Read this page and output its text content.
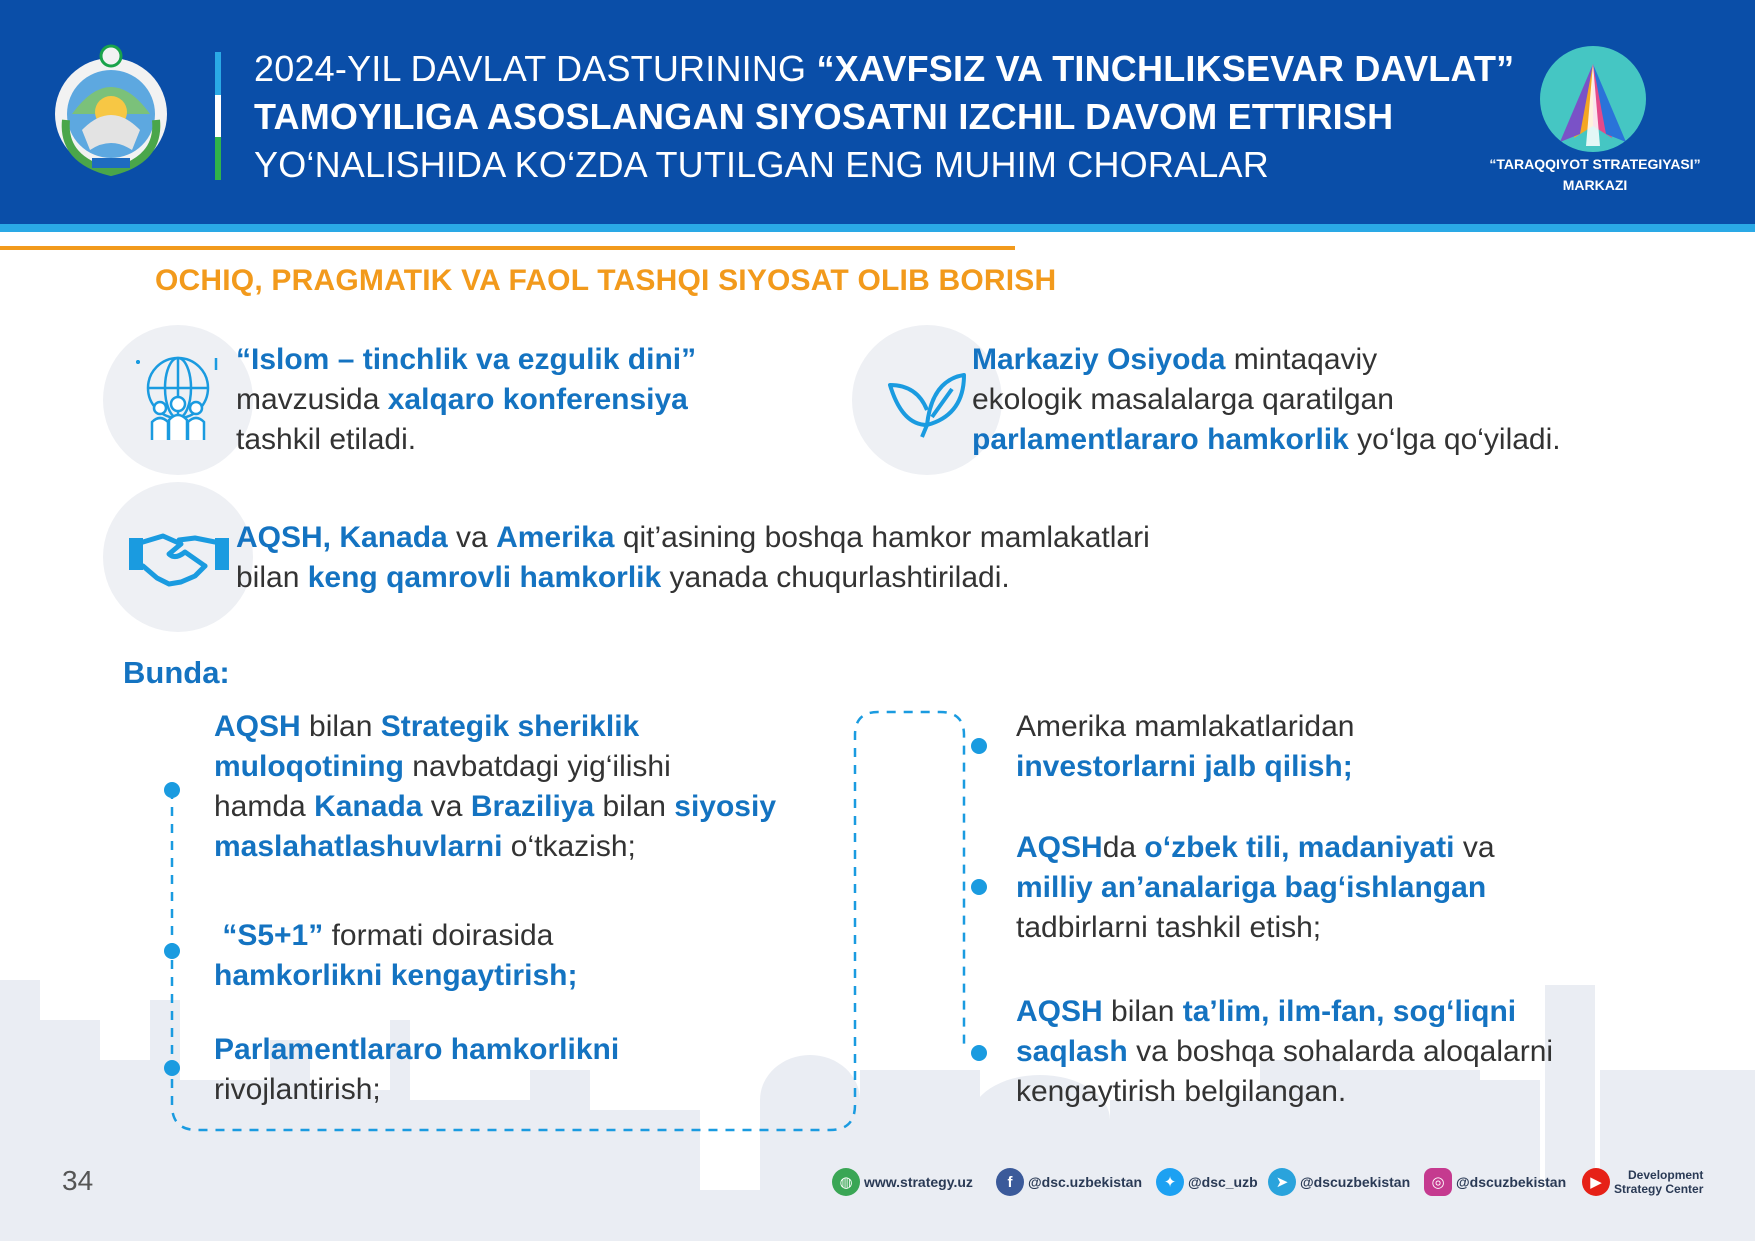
2024-YIL DAVLAT DASTURINING “XAVFSIZ VA TINCHLIKSEVAR DAVLAT”
TAMOYILIGA ASOSLANGAN SIYOSATNI IZCHIL DAVOM ETTIRISH
YO‘NALISHIDA KO‘ZDA TUTILGAN ENG MUHIM CHORALAR	“TARAQQIYOT STRATEGIYASI”
MARKAZI
OCHIQ, PRAGMATIK VA FAOL TASHQI SIYOSAT OLIB BORISH
“Islom – tinchlik va ezgulik dini”
mavzusida xalqaro konferensiya
tashkil etiladi.
Markaziy Osiyoda mintaqaviy
ekologik masalalarga qaratilgan
parlamentlararo hamkorlik yo‘lga qo‘yiladi.
AQSH, Kanada va Amerika qit’asining boshqa hamkor mamlakatlari
bilan keng qamrovli hamkorlik yanada chuqurlashtiriladi.
Bunda:
AQSH bilan Strategik sheriklik
muloqotining navbatdagi yig‘ilishi
hamda Kanada va Braziliya bilan siyosiy
maslahatlashuvlarni o‘tkazish;
“S5+1” formati doirasida
hamkorlikni kengaytirish;
Parlamentlararo hamkorlikni
rivojlantirish;
Amerika mamlakatlaridan
investorlarni jalb qilish;
AQSHda o‘zbek tili, madaniyati va
milliy an’analariga bag‘ishlangan
tadbirlarni tashkil etish;
AQSH bilan ta’lim, ilm-fan, sog‘liqni
saqlash va boshqa sohalarda aloqalarni
kengaytirish belgilangan.
34	◍ www.strategy.uz	f	@dsc.uzbekistan	✦ @dsc_uzb	➤ @dscuzbekistan	◎ @dscuzbekistan	▶	Development
Strategy Center
